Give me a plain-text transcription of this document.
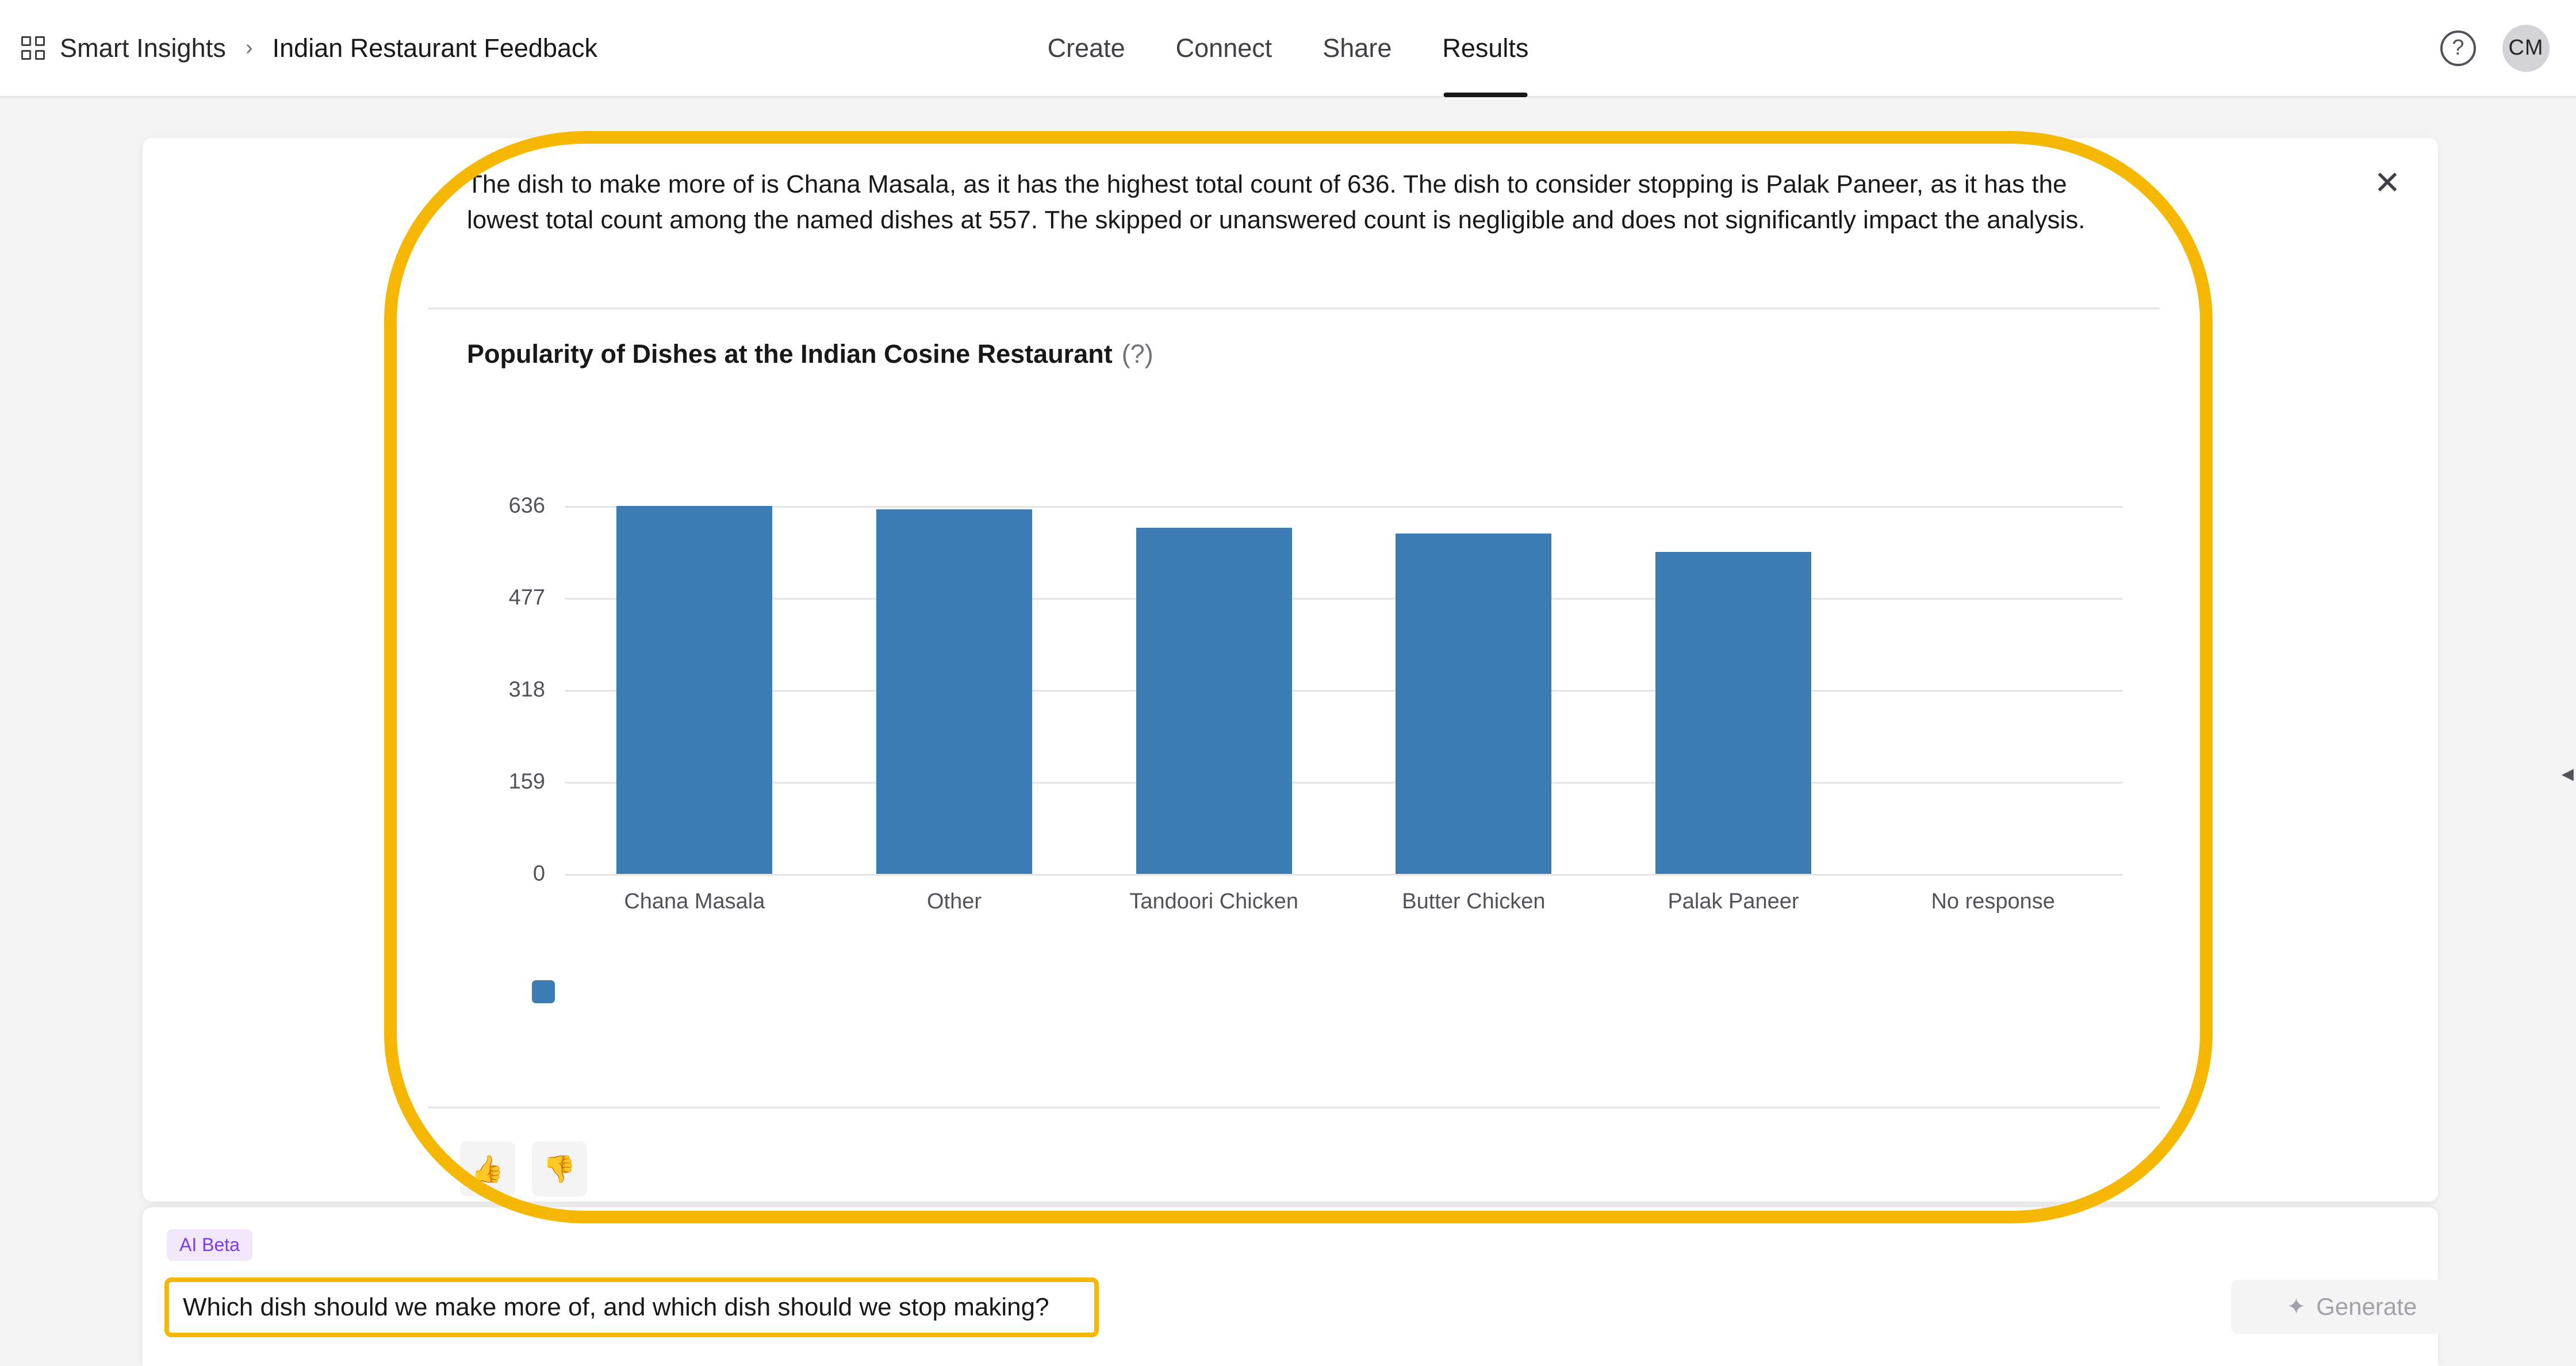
Smart Insights › Indian Restaurant Feedback	Create	Connect	Share	Results	?	CM
◂
✕
The dish to make more of is Chana Masala, as it has the highest total count of 636. The dish to consider stopping is Palak Paneer, as it has the lowest total count among the named dishes at 557. The skipped or unanswered count is negligible and does not significantly impact the analysis.
Popularity of Dishes at the Indian Cosine Restaurant (?)
636
477
318
159
0
Chana Masala	Other	Tandoori Chicken	Butter Chicken	Palak Paneer	No response
👍	👎
AI Beta
Which dish should we make more of, and which dish should we stop making?	✦ Generate
